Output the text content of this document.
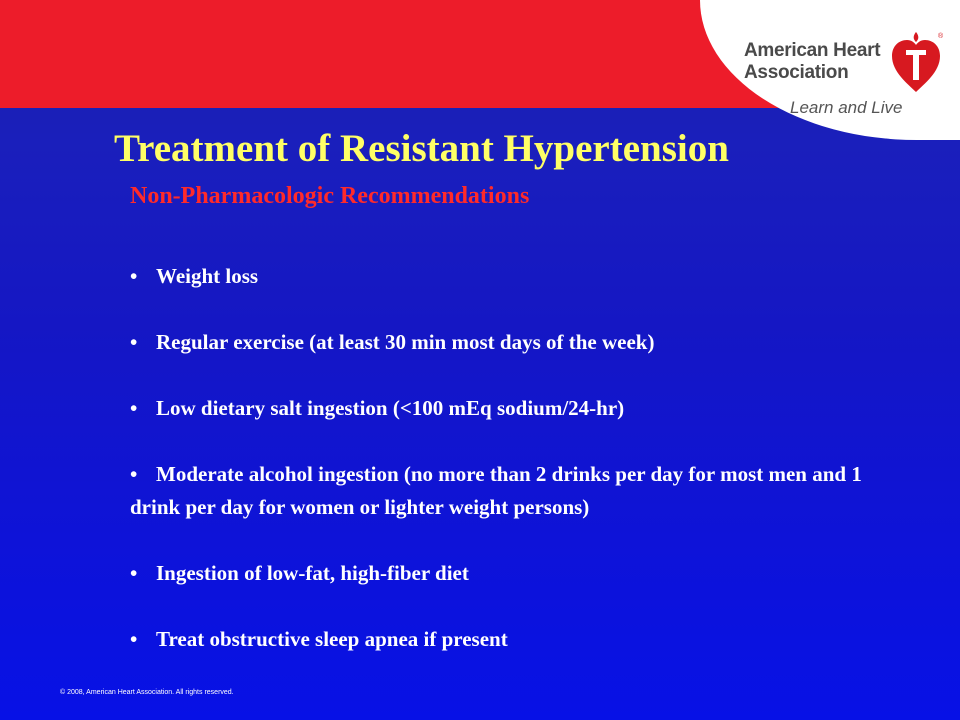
American Heart
Association
Learn and Live
®
Treatment of Resistant Hypertension
Non-Pharmacologic Recommendations
• Weight loss
• Regular exercise (at least 30 min most days of the week)
• Low dietary salt ingestion (<100 mEq sodium/24-hr)
• Moderate alcohol ingestion (no more than 2 drinks per day for most men and 1 drink per day for women or lighter weight persons)
• Ingestion of low-fat, high-fiber diet
• Treat obstructive sleep apnea if present
© 2008, American Heart Association. All rights reserved.
